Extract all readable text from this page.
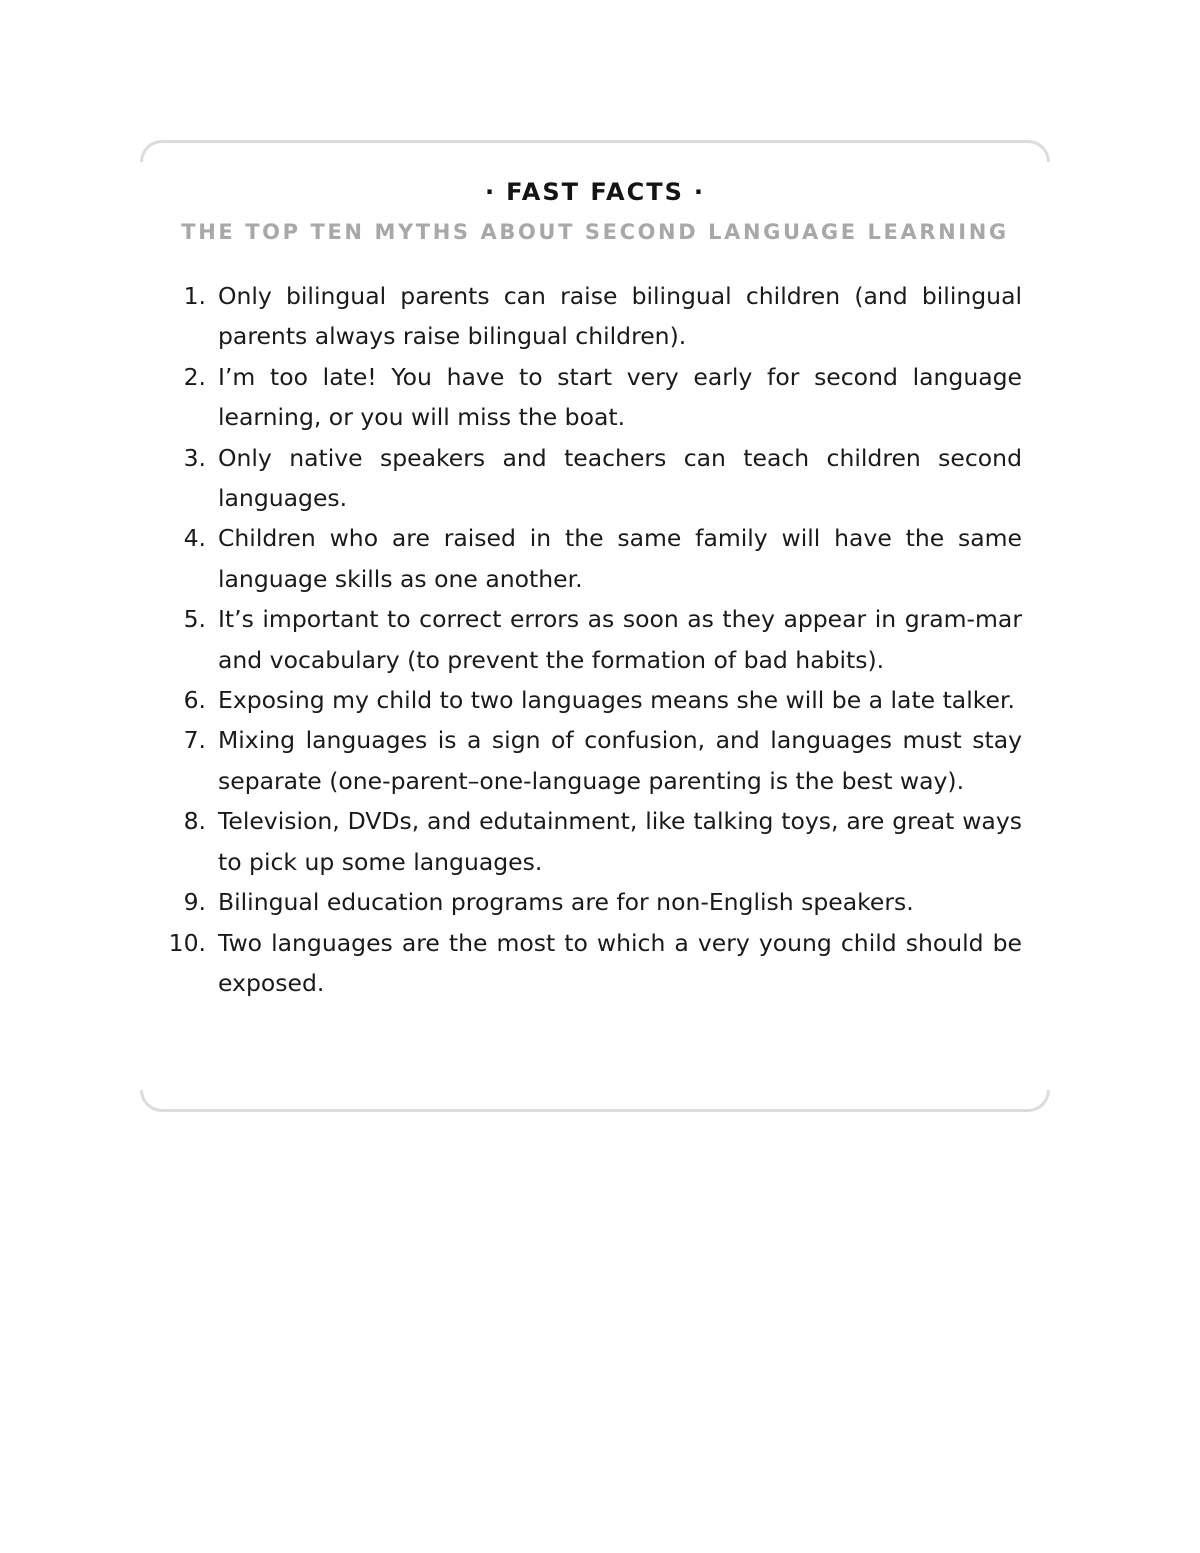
· FAST FACTS ·
THE TOP TEN MYTHS ABOUT SECOND LANGUAGE LEARNING
1. Only bilingual parents can raise bilingual children (and bilingual parents always raise bilingual children).
2. I’m too late! You have to start very early for second language learning, or you will miss the boat.
3. Only native speakers and teachers can teach children second languages.
4. Children who are raised in the same family will have the same language skills as one another.
5. It’s important to correct errors as soon as they appear in gram-mar and vocabulary (to prevent the formation of bad habits).
6. Exposing my child to two languages means she will be a late talker.
7. Mixing languages is a sign of confusion, and languages must stay separate (one-parent–one-language parenting is the best way).
8. Television, DVDs, and edutainment, like talking toys, are great ways to pick up some languages.
9. Bilingual education programs are for non-English speakers.
10. Two languages are the most to which a very young child should be exposed.
